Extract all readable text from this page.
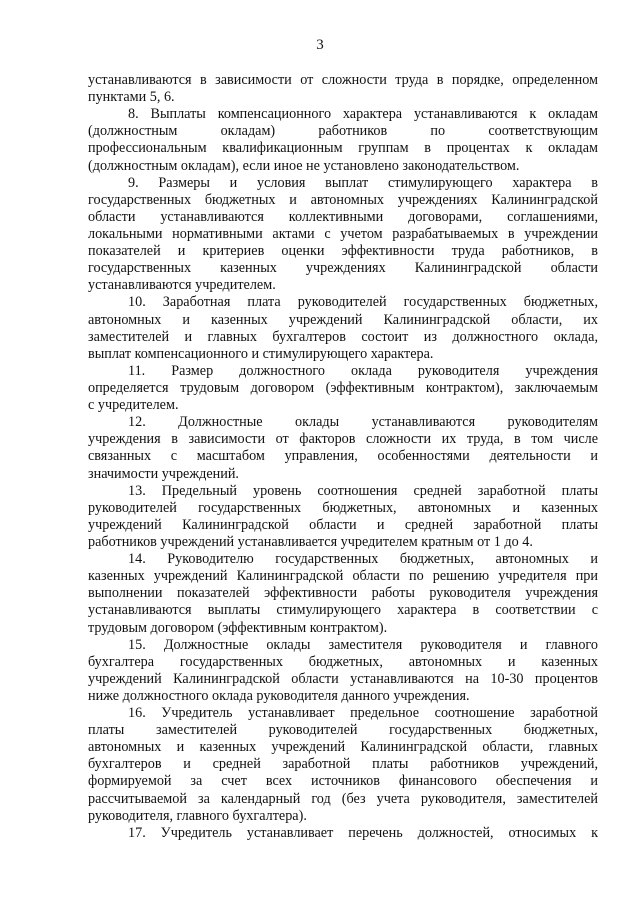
3
устанавливаются в зависимости от сложности труда в порядке, определенном
пунктами 5, 6.
8. Выплаты компенсационного характера устанавливаются к окладам
(должностным окладам) работников по соответствующим
профессиональным квалификационным группам в процентах к окладам
(должностным окладам), если иное не установлено законодательством.
9. Размеры и условия выплат стимулирующего характера в
государственных бюджетных и автономных учреждениях Калининградской
области устанавливаются коллективными договорами, соглашениями,
локальными нормативными актами с учетом разрабатываемых в учреждении
показателей и критериев оценки эффективности труда работников, в
государственных казенных учреждениях Калининградской области
устанавливаются учредителем.
10. Заработная плата руководителей государственных бюджетных,
автономных и казенных учреждений Калининградской области, их
заместителей и главных бухгалтеров состоит из должностного оклада,
выплат компенсационного и стимулирующего характера.
11. Размер должностного оклада руководителя учреждения
определяется трудовым договором (эффективным контрактом), заключаемым
с учредителем.
12. Должностные оклады устанавливаются руководителям
учреждения в зависимости от факторов сложности их труда, в том числе
связанных с масштабом управления, особенностями деятельности и
значимости учреждений.
13. Предельный уровень соотношения средней заработной платы
руководителей государственных бюджетных, автономных и казенных
учреждений Калининградской области и средней заработной платы
работников учреждений устанавливается учредителем кратным от 1 до 4.
14. Руководителю государственных бюджетных, автономных и
казенных учреждений Калининградской области по решению учредителя при
выполнении показателей эффективности работы руководителя учреждения
устанавливаются выплаты стимулирующего характера в соответствии с
трудовым договором (эффективным контрактом).
15. Должностные оклады заместителя руководителя и главного
бухгалтера государственных бюджетных, автономных и казенных
учреждений Калининградской области устанавливаются на 10-30 процентов
ниже должностного оклада руководителя данного учреждения.
16. Учредитель устанавливает предельное соотношение заработной
платы заместителей руководителей государственных бюджетных,
автономных и казенных учреждений Калининградской области, главных
бухгалтеров и средней заработной платы работников учреждений,
формируемой за счет всех источников финансового обеспечения и
рассчитываемой за календарный год (без учета руководителя, заместителей
руководителя, главного бухгалтера).
17. Учредитель устанавливает перечень должностей, относимых к
